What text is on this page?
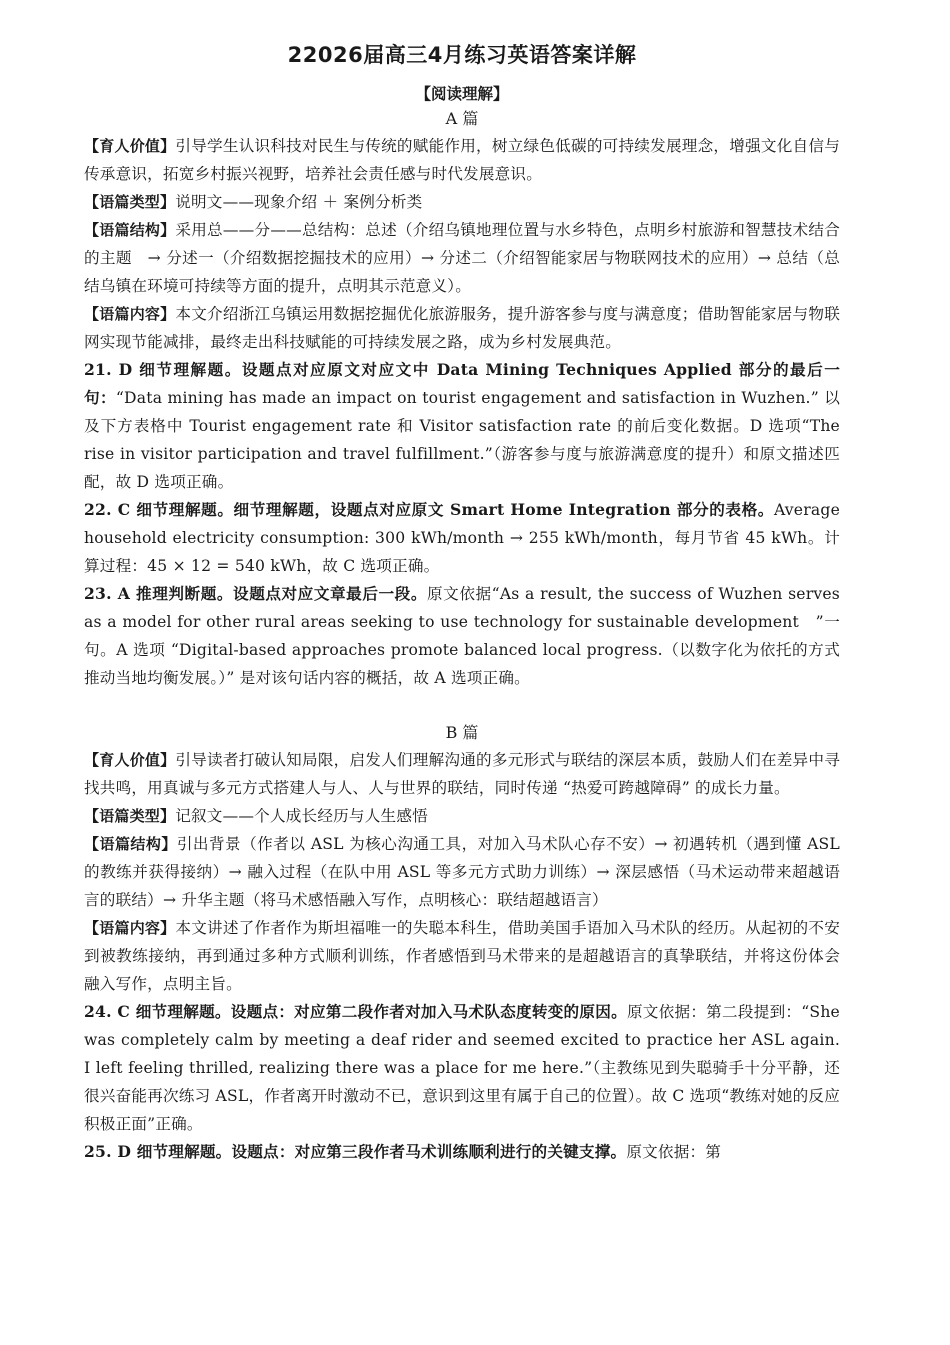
22026届高三4月练习英语答案详解
【阅读理解】
A 篇

【育人价值】引导学生认识科技对民生与传统的赋能作用，树立绿色低碳的可持续发展理念，增强文化自信与传承意识，拓宽乡村振兴视野，培养社会责任感与时代发展意识。

【语篇类型】说明文——现象介绍 ＋ 案例分析类

【语篇结构】采用总——分——总结构：总述（介绍乌镇地理位置与水乡特色，点明乡村旅游和智慧技术结合的主题　→ 分述一（介绍数据挖掘技术的应用）→ 分述二（介绍智能家居与物联网技术的应用）→ 总结（总结乌镇在环境可持续等方面的提升，点明其示范意义）。

【语篇内容】本文介绍浙江乌镇运用数据挖掘优化旅游服务，提升游客参与度与满意度；借助智能家居与物联网实现节能减排，最终走出科技赋能的可持续发展之路，成为乡村发展典范。

21. D 细节理解题。设题点对应原文对应文中 Data Mining Techniques Applied 部分的最后一句：“Data mining has made an impact on tourist engagement and satisfaction in Wuzhen.” 以及下方表格中 Tourist engagement rate 和 Visitor satisfaction rate 的前后变化数据。D 选项“The rise in visitor participation and travel fulfillment.”（游客参与度与旅游满意度的提升）和原文描述匹配，故 D 选项正确。

22. C 细节理解题。细节理解题，设题点对应原文 Smart Home Integration 部分的表格。Average household electricity consumption: 300 kWh/month → 255 kWh/month，每月节省 45 kWh。计算过程：45 × 12 = 540 kWh，故 C 选项正确。

23. A 推理判断题。设题点对应文章最后一段。原文依据“As a result, the success of Wuzhen serves as a model for other rural areas seeking to use technology for sustainable development　”一句。A 选项 “Digital-based approaches promote balanced local progress.（以数字化为依托的方式推动当地均衡发展。）” 是对该句话内容的概括，故 A 选项正确。

B 篇

【育人价值】引导读者打破认知局限，启发人们理解沟通的多元形式与联结的深层本质，鼓励人们在差异中寻找共鸣，用真诚与多元方式搭建人与人、人与世界的联结，同时传递 “热爱可跨越障碍” 的成长力量。

【语篇类型】记叙文——个人成长经历与人生感悟

【语篇结构】引出背景（作者以 ASL 为核心沟通工具，对加入马术队心存不安）→ 初遇转机（遇到懂 ASL 的教练并获得接纳）→ 融入过程（在队中用 ASL 等多元方式助力训练）→ 深层感悟（马术运动带来超越语言的联结）→ 升华主题（将马术感悟融入写作，点明核心：联结超越语言）

【语篇内容】本文讲述了作者作为斯坦福唯一的失聪本科生，借助美国手语加入马术队的经历。从起初的不安到被教练接纳，再到通过多种方式顺利训练，作者感悟到马术带来的是超越语言的真挚联结，并将这份体会融入写作，点明主旨。

24. C 细节理解题。设题点：对应第二段作者对加入马术队态度转变的原因。原文依据：第二段提到：“She was completely calm by meeting a deaf rider and seemed excited to practice her ASL again. I left feeling thrilled, realizing there was a place for me here.”（主教练见到失聪骑手十分平静，还很兴奋能再次练习 ASL，作者离开时激动不已，意识到这里有属于自己的位置）。故 C 选项“教练对她的反应积极正面”正确。

25. D 细节理解题。设题点：对应第三段作者马术训练顺利进行的关键支撑。原文依据：第
